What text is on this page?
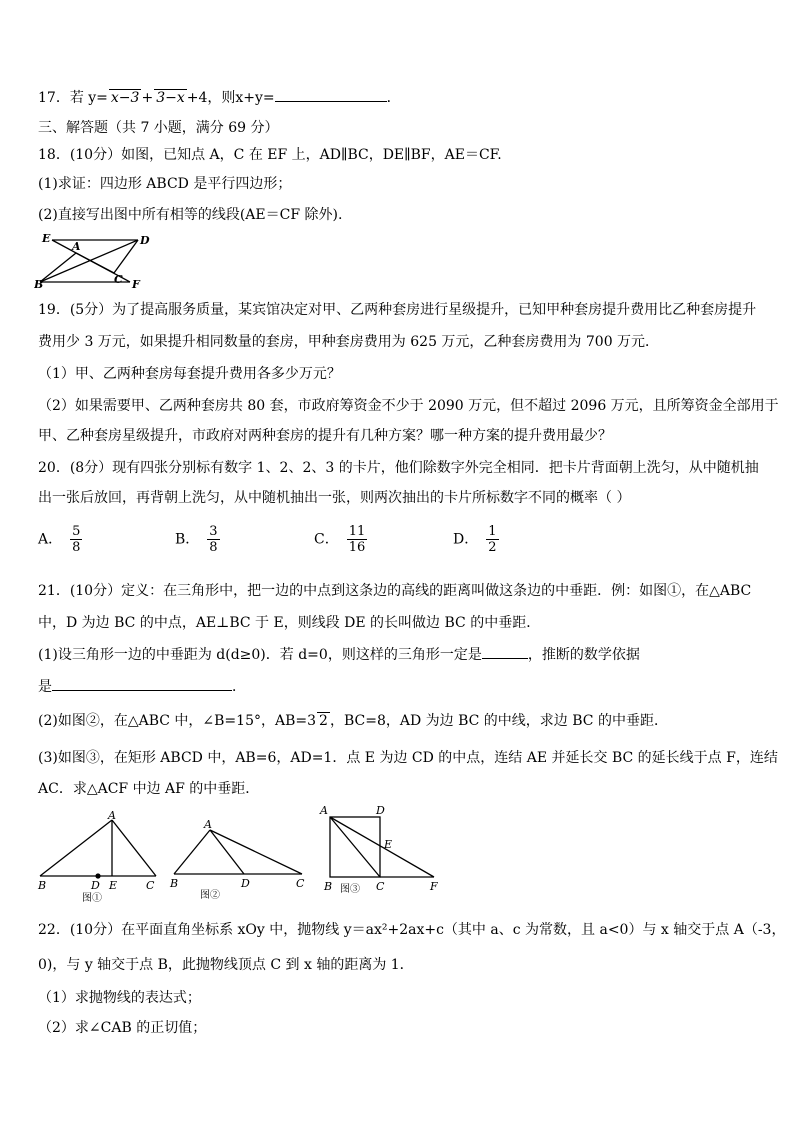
17．若 y= x−3 + 3−x +4，则x+y=	．
三、解答题（共 7 小题，满分 69 分）
18．(10分）如图，已知点 A，C 在 EF 上，AD∥BC，DE∥BF，AE＝CF.
(1)求证：四边形 ABCD 是平行四边形；
(2)直接写出图中所有相等的线段(AE＝CF 除外).
E	D
A
B	C F
19．(5分）为了提高服务质量，某宾馆决定对甲、乙两种套房进行星级提升，已知甲种套房提升费用比乙种套房提升
费用少 3 万元，如果提升相同数量的套房，甲种套房费用为 625 万元，乙种套房费用为 700 万元．
（1）甲、乙两种套房每套提升费用各多少万元？
（2）如果需要甲、乙两种套房共 80 套，市政府筹资金不少于 2090 万元，但不超过 2096 万元，且所筹资金全部用于
甲、乙种套房星级提升，市政府对两种套房的提升有几种方案？哪一种方案的提升费用最少？
20．(8分）现有四张分别标有数字 1、2、2、3 的卡片，他们除数字外完全相同．把卡片背面朝上洗匀，从中随机抽
出一张后放回，再背朝上洗匀，从中随机抽出一张，则两次抽出的卡片所标数字不同的概率（ ）
A． $\frac{5}{8}$	B． $\frac{3}{8}$	C． $\frac{11}{16}$	D． $\frac{1}{2}$
21．(10分）定义：在三角形中，把一边的中点到这条边的高线的距离叫做这条边的中垂距．例：如图①，在△ABC
中，D 为边 BC 的中点，AE⊥BC 于 E，则线段 DE 的长叫做边 BC 的中垂距．
(1)设三角形一边的中垂距为 d(d≥0)．若 d=0，则这样的三角形一定是	，推断的数学依据
是	．
(2)如图②，在△ABC 中，∠B=15°，AB=3 2 ，BC=8，AD 为边 BC 的中线，求边 BC 的中垂距．
(3)如图③，在矩形 ABCD 中，AB=6，AD=1．点 E 为边 CD 的中点，连结 AE 并延长交 BC 的延长线于点 F，连结
AC．求△ACF 中边 AF 的中垂距．
A
B	D E	C
图①
A
B	D	C
图②
A	D
E
B	C	F
图③
22．(10分）在平面直角坐标系 xOy 中，抛物线 y＝ax²+2ax+c（其中 a、c 为常数，且 a<0）与 x 轴交于点 A（-3，
0)，与 y 轴交于点 B，此抛物线顶点 C 到 x 轴的距离为 1．
（1）求抛物线的表达式；
（2）求∠CAB 的正切值；
